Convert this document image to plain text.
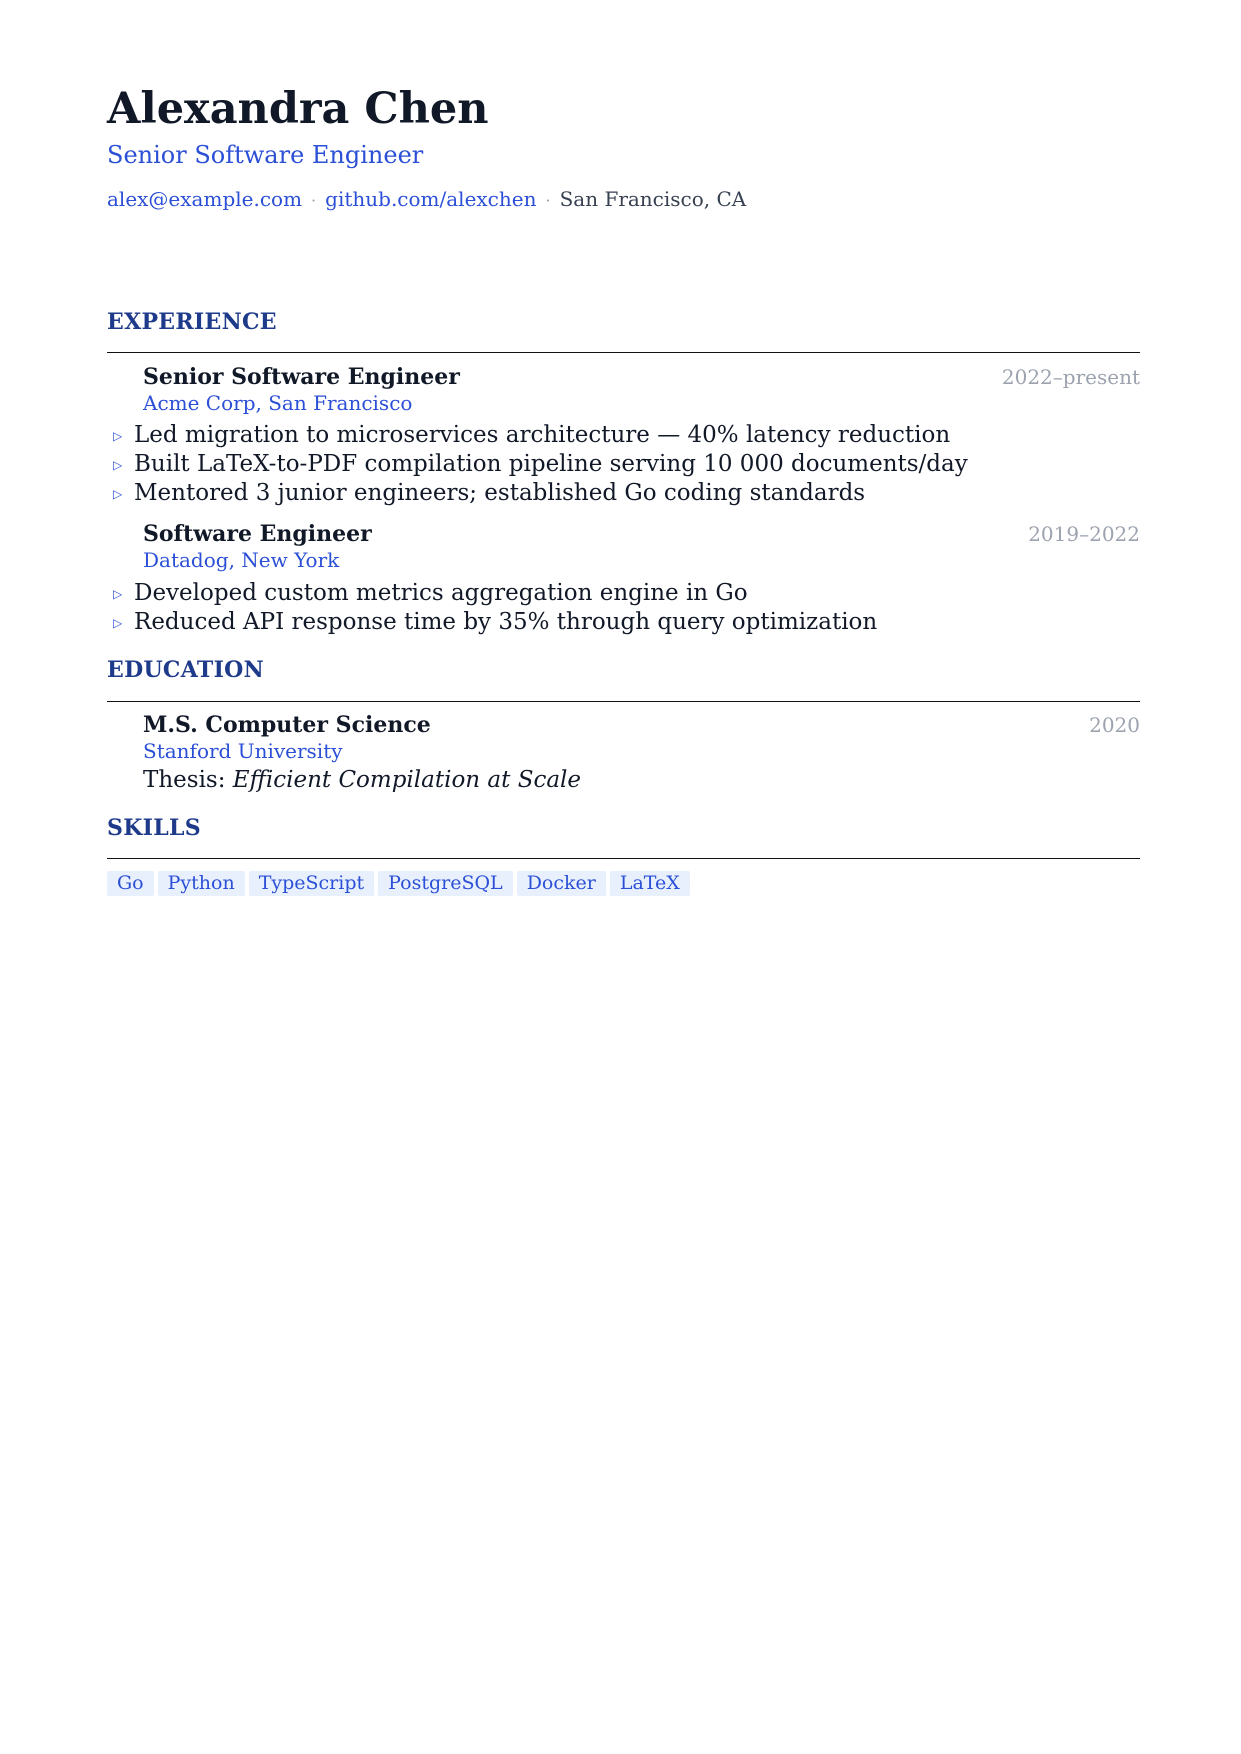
Alexandra Chen
Senior Software Engineer
alex@example.com · github.com/alexchen · San Francisco, CA
EXPERIENCE
Senior Software Engineer	2022–present
Acme Corp, San Francisco
▷ Led migration to microservices architecture — 40% latency reduction
▷ Built LaTeX-to-PDF compilation pipeline serving 10 000 documents/day
▷ Mentored 3 junior engineers; established Go coding standards
Software Engineer	2019–2022
Datadog, New York
▷ Developed custom metrics aggregation engine in Go
▷ Reduced API response time by 35% through query optimization
EDUCATION
M.S. Computer Science	2020
Stanford University
Thesis: Efficient Compilation at Scale
SKILLS
Go	Python	TypeScript	PostgreSQL	Docker	LaTeX
